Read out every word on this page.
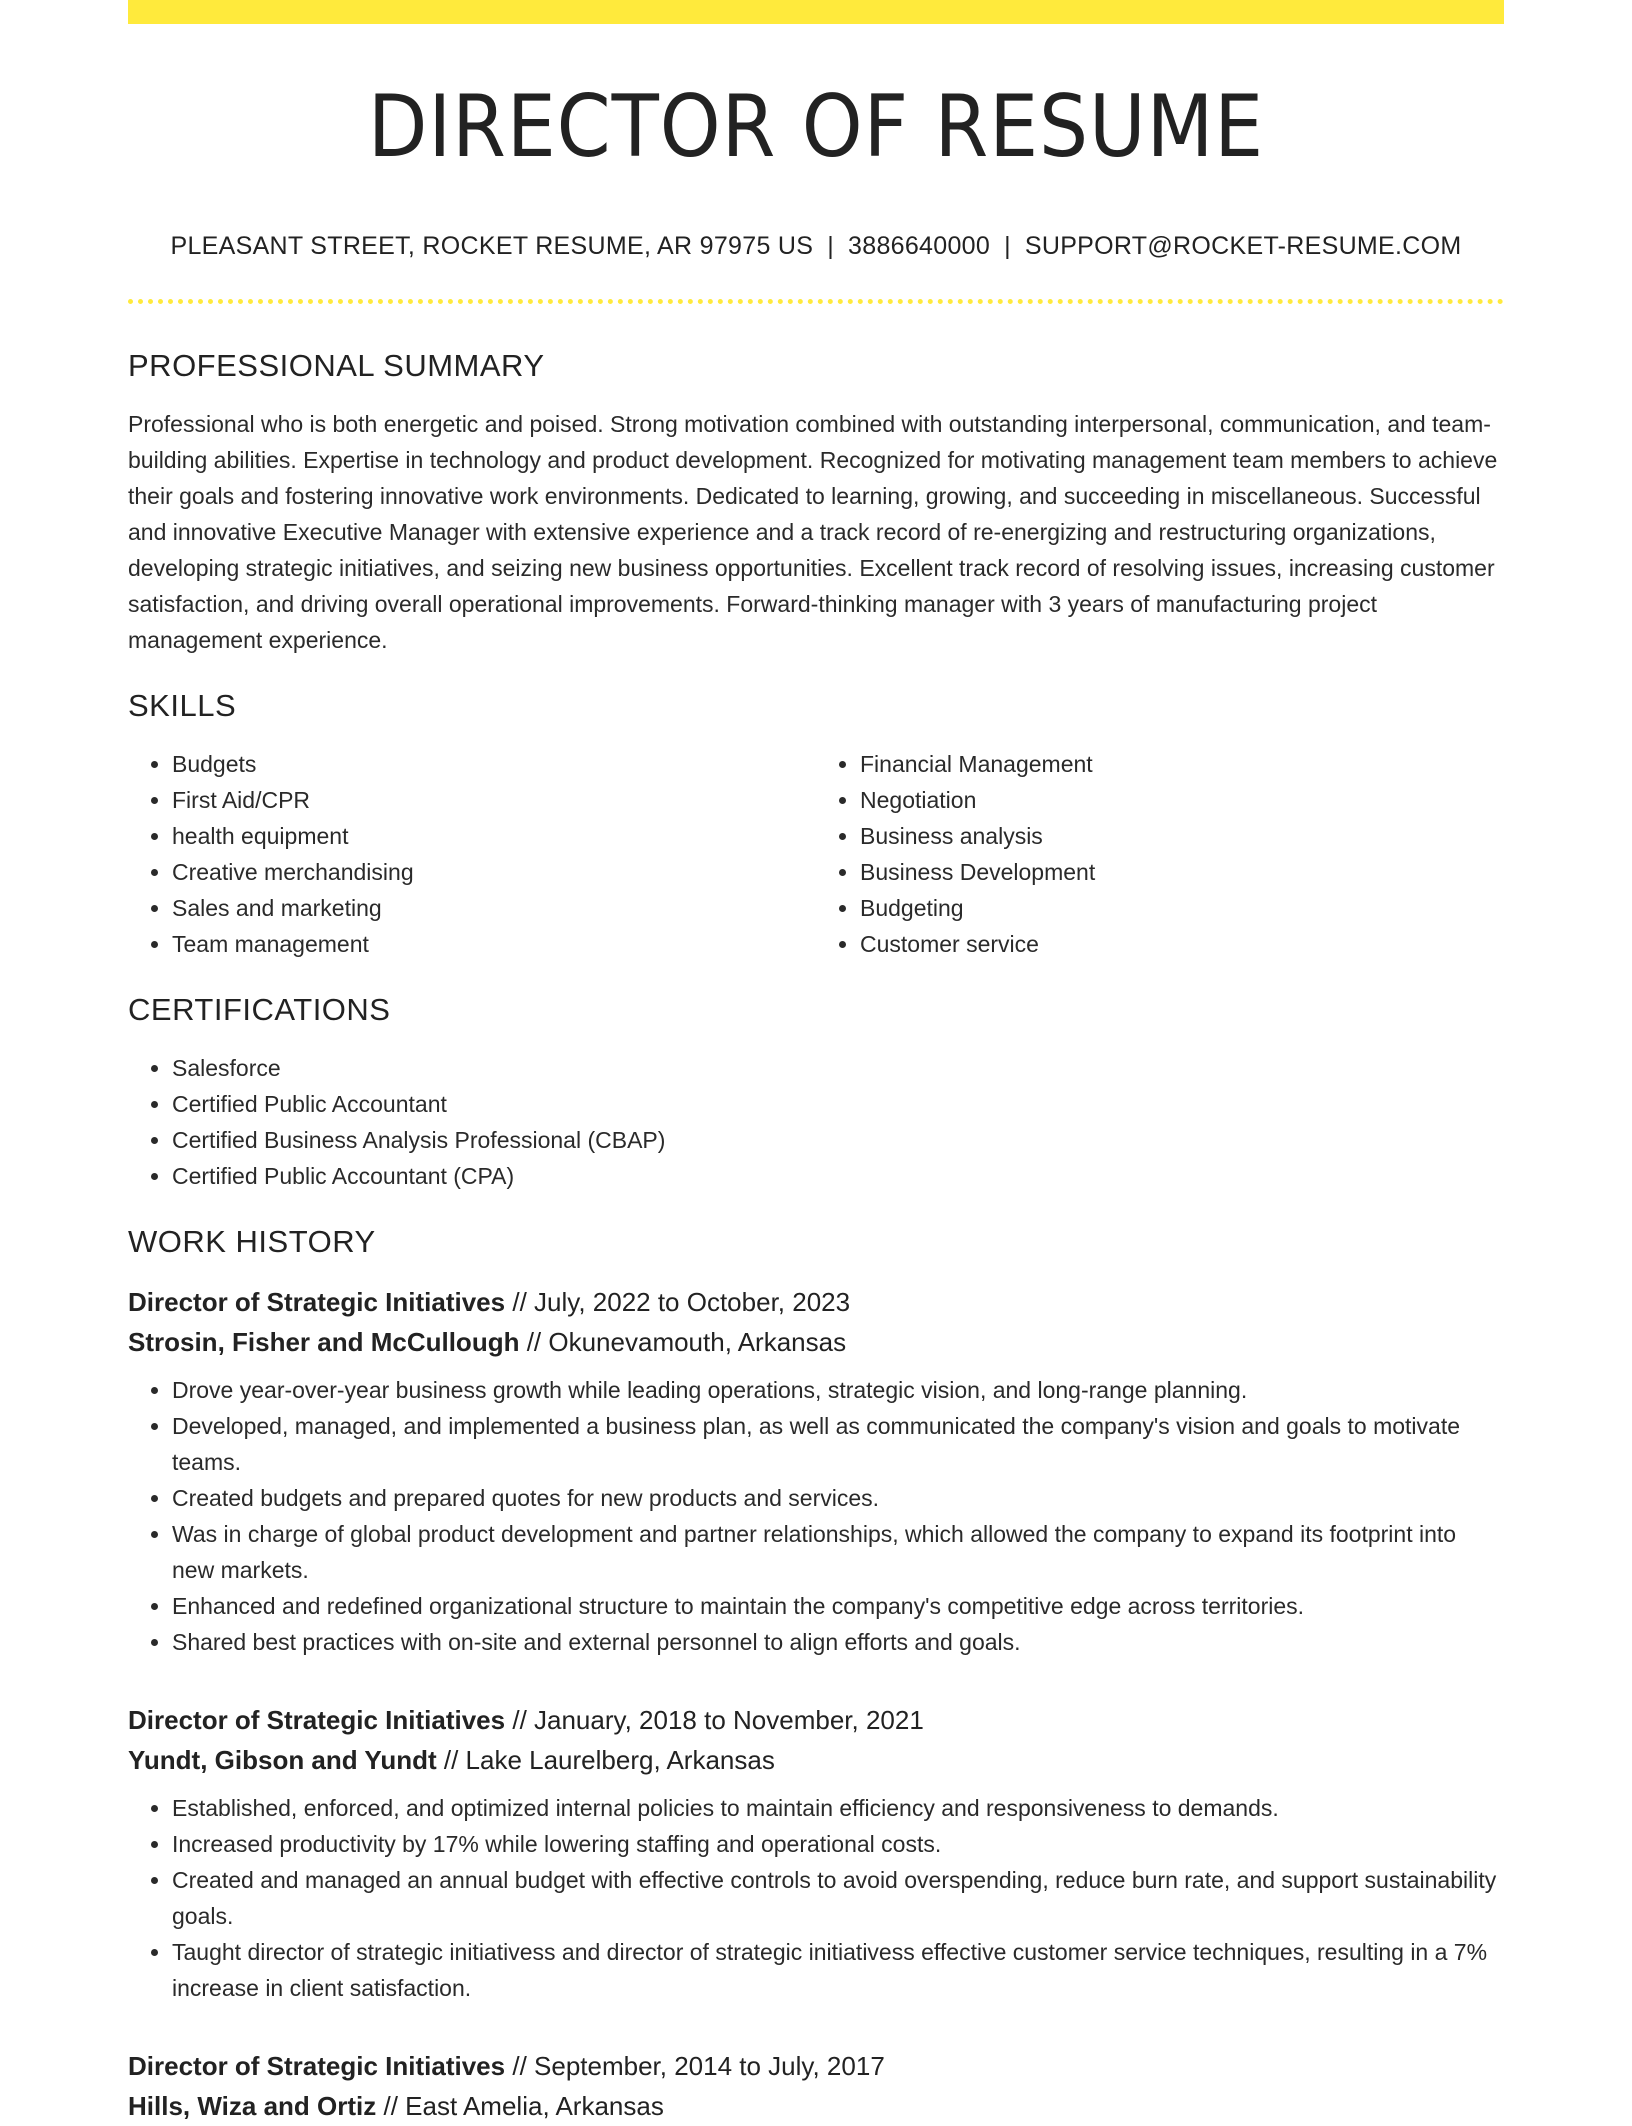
DIRECTOR OF RESUME
PLEASANT STREET, ROCKET RESUME, AR 97975 US | 3886640000 | SUPPORT@ROCKET-RESUME.COM
PROFESSIONAL SUMMARY
Professional who is both energetic and poised. Strong motivation combined with outstanding interpersonal, communication, and team-building abilities. Expertise in technology and product development. Recognized for motivating management team members to achieve their goals and fostering innovative work environments. Dedicated to learning, growing, and succeeding in miscellaneous. Successful and innovative Executive Manager with extensive experience and a track record of re-energizing and restructuring organizations, developing strategic initiatives, and seizing new business opportunities. Excellent track record of resolving issues, increasing customer satisfaction, and driving overall operational improvements. Forward-thinking manager with 3 years of manufacturing project management experience.
SKILLS
• Budgets
• First Aid/CPR
• health equipment
• Creative merchandising
• Sales and marketing
• Team management
• Financial Management
• Negotiation
• Business analysis
• Business Development
• Budgeting
• Customer service
CERTIFICATIONS
• Salesforce
• Certified Public Accountant
• Certified Business Analysis Professional (CBAP)
• Certified Public Accountant (CPA)
WORK HISTORY
Director of Strategic Initiatives // July, 2022 to October, 2023
Strosin, Fisher and McCullough // Okunevamouth, Arkansas
• Drove year-over-year business growth while leading operations, strategic vision, and long-range planning.
• Developed, managed, and implemented a business plan, as well as communicated the company's vision and goals to motivate teams.
• Created budgets and prepared quotes for new products and services.
• Was in charge of global product development and partner relationships, which allowed the company to expand its footprint into new markets.
• Enhanced and redefined organizational structure to maintain the company's competitive edge across territories.
• Shared best practices with on-site and external personnel to align efforts and goals.
Director of Strategic Initiatives // January, 2018 to November, 2021
Yundt, Gibson and Yundt // Lake Laurelberg, Arkansas
• Established, enforced, and optimized internal policies to maintain efficiency and responsiveness to demands.
• Increased productivity by 17% while lowering staffing and operational costs.
• Created and managed an annual budget with effective controls to avoid overspending, reduce burn rate, and support sustainability goals.
• Taught director of strategic initiativess and director of strategic initiativess effective customer service techniques, resulting in a 7% increase in client satisfaction.
Director of Strategic Initiatives // September, 2014 to July, 2017
Hills, Wiza and Ortiz // East Amelia, Arkansas
